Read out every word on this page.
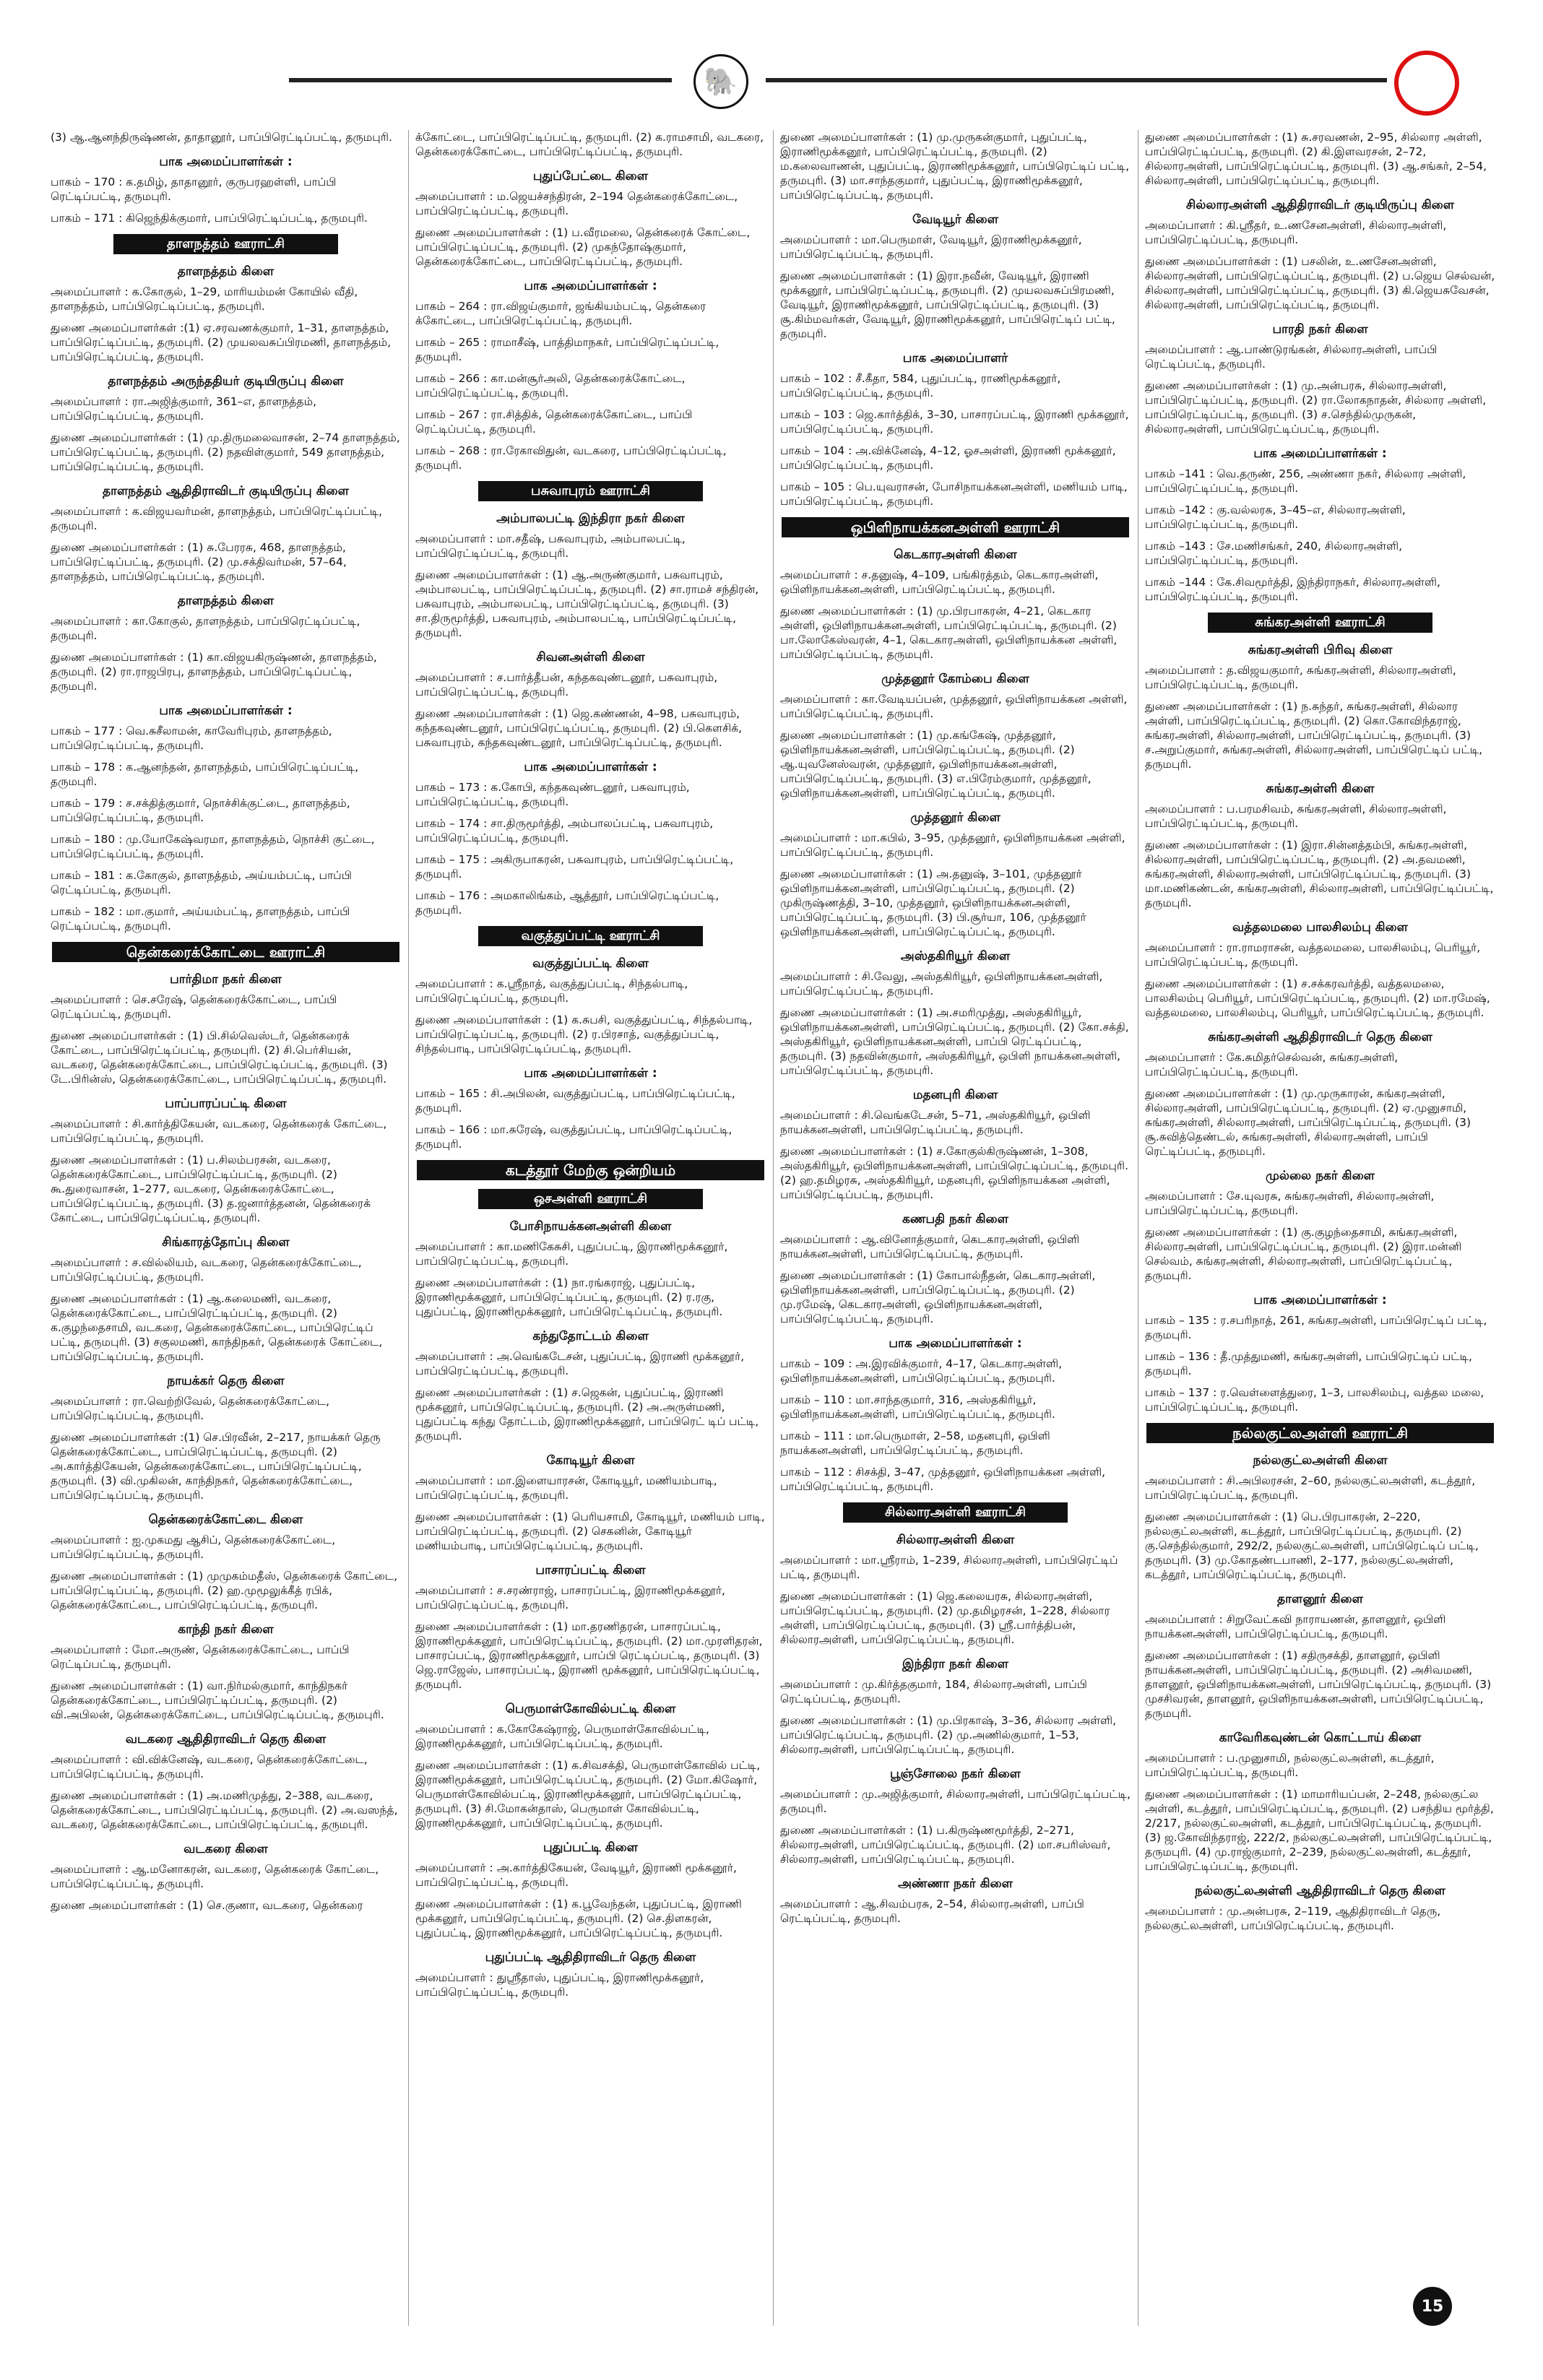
🐘

(3) ஆ.ஆனந்திருஷ்ணன், தாதானூர், பாப்பிரெட்டிப்பட்டி, தருமபுரி.

பாக அமைப்பாளர்கள் :

பாகம் – 170 : க.தமிழ், தாதானூர், குருபரஹள்ளி, பாப்பி ரெட்டிப்பட்டி, தருமபுரி.

பாகம் – 171 : கிஜெந்திக்குமார், பாப்பிரெட்டிப்பட்டி, தருமபுரி.

தாளநத்தம் ஊராட்சி
தாளநத்தம் கிளை

அமைப்பாளர் : க.கோகுல், 1–29, மாரியம்மன் கோயில் வீதி, தாளநத்தம், பாப்பிரெட்டிப்பட்டி, தருமபுரி.

துணை அமைப்பாளர்கள் :(1) ஏ.சரவணக்குமார், 1–31, தாளநத்தம், பாப்பிரெட்டிப்பட்டி, தருமபுரி. (2) முயலவசுப்பிரமணி, தாளநத்தம், பாப்பிரெட்டிப்பட்டி, தருமபுரி.

தாளநத்தம் அருந்ததியர் குடியிருப்பு கிளை

அமைப்பாளர் : ரா.அஜித்குமார், 361–எ, தாளநத்தம், பாப்பிரெட்டிப்பட்டி, தருமபுரி.

துணை அமைப்பாளர்கள் : (1) மு.திருமலைவாசன், 2–74 தாளநத்தம், பாப்பிரெட்டிப்பட்டி, தருமபுரி. (2) நதவிள்குமார், 549 தாளநத்தம், பாப்பிரெட்டிப்பட்டி, தருமபுரி.

தாளநத்தம் ஆதிதிராவிடர் குடியிருப்பு கிளை

அமைப்பாளர் : க.விஜயவர்மன், தாளநத்தம், பாப்பிரெட்டிப்பட்டி, தருமபுரி.

துணை அமைப்பாளர்கள் : (1) சு.பேரரசு, 468, தாளநத்தம், பாப்பிரெட்டிப்பட்டி, தருமபுரி. (2) மு.சக்திவர்மன், 57–64, தாளநத்தம், பாப்பிரெட்டிப்பட்டி, தருமபுரி.

தாளநத்தம் கிளை

அமைப்பாளர் : கா.கோகுல், தாளநத்தம், பாப்பிரெட்டிப்பட்டி, தருமபுரி.

துணை அமைப்பாளர்கள் : (1) கா.விஜயகிருஷ்ணன், தாளநத்தம், தருமபுரி. (2) ரா.ராஜபிரபு, தாளநத்தம், பாப்பிரெட்டிப்பட்டி, தருமபுரி.

பாக அமைப்பாளர்கள் :

பாகம் – 177 : வெ.சுசீலாமன், காவேரிபுரம், தாளநத்தம், பாப்பிரெட்டிப்பட்டி, தருமபுரி.

பாகம் – 178 : க.ஆனந்தன், தாளநத்தம், பாப்பிரெட்டிப்பட்டி, தருமபுரி.

பாகம் – 179 : ச.சக்தித்குமார், நொச்சிக்குட்டை, தாளநத்தம், பாப்பிரெட்டிப்பட்டி, தருமபுரி.

பாகம் – 180 : மு.யோகேஷ்வரமா, தாளநத்தம், நொச்சி குட்டை, பாப்பிரெட்டிப்பட்டி, தருமபுரி.

பாகம் – 181 : க.கோகுல், தாளநத்தம், அய்யம்பட்டி, பாப்பி ரெட்டிப்பட்டி, தருமபுரி.

பாகம் – 182 : மா.குமார், அய்யம்பட்டி, தாளநத்தம், பாப்பி ரெட்டிப்பட்டி, தருமபுரி.

தென்கரைக்கோட்டை ஊராட்சி
பார்திமா நகர் கிளை

அமைப்பாளர் : செ.சரேஷ், தென்கரைக்கோட்டை, பாப்பி ரெட்டிப்பட்டி, தருமபுரி.

துணை அமைப்பாளர்கள் : (1) பி.சில்வெஸ்டர், தென்கரைக் கோட்டை, பாப்பிரெட்டிப்பட்டி, தருமபுரி. (2) சி.பெர்சியன், வடகரை, தென்கரைக்கோட்டை, பாப்பிரெட்டிப்பட்டி, தருமபுரி. (3) டே.பிரின்ஸ், தென்கரைக்கோட்டை, பாப்பிரெட்டிப்பட்டி, தருமபுரி.

பாப்பாரப்பட்டி கிளை

அமைப்பாளர் : சி.கார்த்திகேயன், வடகரை, தென்கரைக் கோட்டை, பாப்பிரெட்டிப்பட்டி, தருமபுரி.

துணை அமைப்பாளர்கள் : (1) ப.சிலம்பரசன், வடகரை, தென்கரைக்கோட்டை, பாப்பிரெட்டிப்பட்டி, தருமபுரி. (2) கூ.துரைவாசன், 1–277, வடகரை, தென்கரைக்கோட்டை, பாப்பிரெட்டிப்பட்டி, தருமபுரி. (3) த.ஜனார்த்தனன், தென்கரைக் கோட்டை, பாப்பிரெட்டிப்பட்டி, தருமபுரி.

சிங்காரத்தோப்பு கிளை

அமைப்பாளர் : ச.வில்லியம், வடகரை, தென்கரைக்கோட்டை, பாப்பிரெட்டிப்பட்டி, தருமபுரி.

துணை அமைப்பாளர்கள் : (1) ஆ.கலைமணி, வடகரை, தென்கரைக்கோட்டை, பாப்பிரெட்டிப்பட்டி, தருமபுரி. (2) க.குழந்தைசாமி, வடகரை, தென்கரைக்கோட்டை, பாப்பிரெட்டிப் பட்டி, தருமபுரி. (3) சகுலமணி, காந்திநகர், தென்கரைக் கோட்டை, பாப்பிரெட்டிப்பட்டி, தருமபுரி.

நாயக்கர் தெரு கிளை

அமைப்பாளர் : ரா.வெற்றிவேல், தென்கரைக்கோட்டை, பாப்பிரெட்டிப்பட்டி, தருமபுரி.

துணை அமைப்பாளர்கள் :(1) செ.பிரவீன், 2–217, நாயக்கர் தெரு தென்கரைக்கோட்டை, பாப்பிரெட்டிப்பட்டி, தருமபுரி. (2) அ.கார்த்திகேயன், தென்கரைக்கோட்டை, பாப்பிரெட்டிப்பட்டி, தருமபுரி. (3) வி.முகிலன், காந்திநகர், தென்கரைக்கோட்டை, பாப்பிரெட்டிப்பட்டி, தருமபுரி.

தென்கரைக்கோட்டை கிளை

அமைப்பாளர் : ஐ.முகமது ஆசிப், தென்கரைக்கோட்டை, பாப்பிரெட்டிப்பட்டி, தருமபுரி.

துணை அமைப்பாளர்கள் : (1) முமுகம்மதீஸ், தென்கரைக் கோட்டை, பாப்பிரெட்டிப்பட்டி, தருமபுரி. (2) ஹ.முமூலுக்கீத் ரபிக், தென்கரைக்கோட்டை, பாப்பிரெட்டிப்பட்டி, தருமபுரி.

காந்தி நகர் கிளை

அமைப்பாளர் : மோ.அருண், தென்கரைக்கோட்டை, பாப்பி ரெட்டிப்பட்டி, தருமபுரி.

துணை அமைப்பாளர்கள் : (1) வா.நிர்மல்குமார், காந்திநகர் தென்கரைக்கோட்டை, பாப்பிரெட்டிப்பட்டி, தருமபுரி. (2) வி.அபிலன், தென்கரைக்கோட்டை, பாப்பிரெட்டிப்பட்டி, தருமபுரி.

வடகரை ஆதிதிராவிடர் தெரு கிளை

அமைப்பாளர் : வி.விக்னேஷ், வடகரை, தென்கரைக்கோட்டை, பாப்பிரெட்டிப்பட்டி, தருமபுரி.

துணை அமைப்பாளர்கள் : (1) அ.மணிமுத்து, 2–388, வடகரை, தென்கரைக்கோட்டை, பாப்பிரெட்டிப்பட்டி, தருமபுரி. (2) அ.வஸந்த், வடகரை, தென்கரைக்கோட்டை, பாப்பிரெட்டிப்பட்டி, தருமபுரி.

வடகரை கிளை

அமைப்பாளர் : ஆ.மனோகரன், வடகரை, தென்கரைக் கோட்டை, பாப்பிரெட்டிப்பட்டி, தருமபுரி.

துணை அமைப்பாளர்கள் : (1) செ.குணா, வடகரை, தென்கரை

க்கோட்டை, பாப்பிரெட்டிப்பட்டி, தருமபுரி. (2) க.ராமசாமி, வடகரை, தென்கரைக்கோட்டை, பாப்பிரெட்டிப்பட்டி, தருமபுரி.

புதுப்பேட்டை கிளை

அமைப்பாளர் : ம.ஜெயச்சந்திரன், 2–194 தென்கரைக்கோட்டை, பாப்பிரெட்டிப்பட்டி, தருமபுரி.

துணை அமைப்பாளர்கள் : (1) ப.வீரமலை, தென்கரைக் கோட்டை, பாப்பிரெட்டிப்பட்டி, தருமபுரி. (2) முகந்தோஷ்குமார், தென்கரைக்கோட்டை, பாப்பிரெட்டிப்பட்டி, தருமபுரி.

பாக அமைப்பாளர்கள் :

பாகம் – 264 : ரா.விஜய்குமார், ஜங்கியம்பட்டி, தென்கரை க்கோட்டை, பாப்பிரெட்டிப்பட்டி, தருமபுரி.

பாகம் – 265 : ராமாசீஷ், பாத்திமாநகர், பாப்பிரெட்டிப்பட்டி, தருமபுரி.

பாகம் – 266 : கா.மன்சூர்அலி, தென்கரைக்கோட்டை, பாப்பிரெட்டிப்பட்டி, தருமபுரி.

பாகம் – 267 : ரா.சித்திக், தென்கரைக்கோட்டை, பாப்பி ரெட்டிப்பட்டி, தருமபுரி.

பாகம் – 268 : ரா.ரேகாவிதுன், வடகரை, பாப்பிரெட்டிப்பட்டி, தருமபுரி.

பசுவாபுரம் ஊராட்சி
அம்பாலபட்டி இந்திரா நகர் கிளை

அமைப்பாளர் : மா.சதீஷ், பசுவாபுரம், அம்பாலபட்டி, பாப்பிரெட்டிப்பட்டி, தருமபுரி.

துணை அமைப்பாளர்கள் : (1) ஆ.அருண்குமார், பசுவாபுரம், அம்பாலபட்டி, பாப்பிரெட்டிப்பட்டி, தருமபுரி. (2) சா.ராமச் சந்திரன், பசுவாபுரம், அம்பாலபட்டி, பாப்பிரெட்டிப்பட்டி, தருமபுரி. (3) சா.திருமூர்த்தி, பசுவாபுரம், அம்பாலபட்டி, பாப்பிரெட்டிப்பட்டி, தருமபுரி.

சிவனஅள்ளி கிளை

அமைப்பாளர் : ச.பார்த்தீபன், கந்தகவுண்டனூர், பசுவாபுரம், பாப்பிரெட்டிப்பட்டி, தருமபுரி.

துணை அமைப்பாளர்கள் : (1) ஜெ.கண்ணன், 4–98, பசுவாபுரம், கந்தகவுண்டனூர், பாப்பிரெட்டிப்பட்டி, தருமபுரி. (2) பி.கௌசிக், பசுவாபுரம், கந்தகவுண்டனூர், பாப்பிரெட்டிப்பட்டி, தருமபுரி.

பாக அமைப்பாளர்கள் :

பாகம் – 173 : க.கோபி, கந்தகவுண்டனூர், பசுவாபுரம், பாப்பிரெட்டிப்பட்டி, தருமபுரி.

பாகம் – 174 : சா.திருமூர்த்தி, அம்பாலப்பட்டி, பசுவாபுரம், பாப்பிரெட்டிப்பட்டி, தருமபுரி.

பாகம் – 175 : அகிருபாகரன், பசுவாபுரம், பாப்பிரெட்டிப்பட்டி, தருமபுரி.

பாகம் – 176 : அமகாலிங்கம், ஆத்தூர், பாப்பிரெட்டிப்பட்டி, தருமபுரி.

வகுத்துப்பட்டி ஊராட்சி
வகுத்துப்பட்டி கிளை

அமைப்பாளர் : க.ஸ்ரீநாத், வகுத்துப்பட்டி, சிந்தல்பாடி, பாப்பிரெட்டிப்பட்டி, தருமபுரி.

துணை அமைப்பாளர்கள் : (1) க.சுபசி, வகுத்துப்பட்டி, சிந்தல்பாடி, பாப்பிரெட்டிப்பட்டி, தருமபுரி. (2) ர.பிரசாத், வகுத்துப்பட்டி, சிந்தல்பாடி, பாப்பிரெட்டிப்பட்டி, தருமபுரி.

பாக அமைப்பாளர்கள் :

பாகம் – 165 : சி.அபிலன், வகுத்துப்பட்டி, பாப்பிரெட்டிப்பட்டி, தருமபுரி.

பாகம் – 166 : மா.சுரேஷ், வகுத்துப்பட்டி, பாப்பிரெட்டிப்பட்டி, தருமபுரி.

கடத்தூர் மேற்கு ஒன்றியம்
ஒசஅள்ளி ஊராட்சி
போசிநாயக்கனஅள்ளி கிளை

அமைப்பாளர் : கா.மணிகேசுசி, புதுப்பட்டி, இராணிமூக்கனூர், பாப்பிரெட்டிப்பட்டி, தருமபுரி.

துணை அமைப்பாளர்கள் : (1) நா.ரங்கராஜ், புதுப்பட்டி, இராணிமூக்கனூர், பாப்பிரெட்டிப்பட்டி, தருமபுரி. (2) ர.ரகு, புதுப்பட்டி, இராணிமூக்கனூர், பாப்பிரெட்டிப்பட்டி, தருமபுரி.

கந்துதோட்டம் கிளை

அமைப்பாளர் : அ.வெங்கடேசன், புதுப்பட்டி, இராணி மூக்கனூர், பாப்பிரெட்டிப்பட்டி, தருமபுரி.

துணை அமைப்பாளர்கள் : (1) ச.ஜெகன், புதுப்பட்டி, இராணி மூக்கனூர், பாப்பிரெட்டிப்பட்டி, தருமபுரி. (2) அ.அருள்மணி, புதுப்பட்டி கந்து தோட்டம், இராணிமூக்கனூர், பாப்பிரெட் டிப் பட்டி, தருமபுரி.

கோடியூர் கிளை

அமைப்பாளர் : மா.இளையாரசன், கோடியூர், மணியம்பாடி, பாப்பிரெட்டிப்பட்டி, தருமபுரி.

துணை அமைப்பாளர்கள் : (1) பெரியசாமி, கோடியூர், மணியம் பாடி, பாப்பிரெட்டிப்பட்டி, தருமபுரி. (2) செகனின், கோடியூர் மணியம்பாடி, பாப்பிரெட்டிப்பட்டி, தருமபுரி.

பாசாரப்பட்டி கிளை

அமைப்பாளர் : ச.சரண்ராஜ், பாசாரப்பட்டி, இராணிமூக்கனூர், பாப்பிரெட்டிப்பட்டி, தருமபுரி.

துணை அமைப்பாளர்கள் : (1) மா.தரணிதரன், பாசாரப்பட்டி, இராணிமூக்கனூர், பாப்பிரெட்டிப்பட்டி, தருமபுரி. (2) மா.முரளிதரன், பாசாரப்பட்டி, இராணிமூக்கனூர், பாப்பி ரெட்டிப்பட்டி, தருமபுரி. (3) ஜெ.ராஜேஸ், பாசாரப்பட்டி, இராணி மூக்கனூர், பாப்பிரெட்டிப்பட்டி, தருமபுரி.

பெருமாள்கோவில்பட்டி கிளை

அமைப்பாளர் : க.கோகேஷ்ராஜ், பெருமாள்கோவில்பட்டி, இராணிமூக்கனூர், பாப்பிரெட்டிப்பட்டி, தருமபுரி.

துணை அமைப்பாளர்கள் : (1) க.சிவசக்தி, பெருமாள்கோவில் பட்டி, இராணிமூக்கனூர், பாப்பிரெட்டிப்பட்டி, தருமபுரி. (2) மோ.கிஷோர், பெருமாள்கோவில்பட்டி, இராணிமூக்கனூர், பாப்பிரெட்டிப்பட்டி, தருமபுரி. (3) சி.மோகன்தாஸ், பெருமாள் கோவில்பட்டி, இராணிமூக்கனூர், பாப்பிரெட்டிப்பட்டி, தருமபுரி.

புதுப்பட்டி கிளை

அமைப்பாளர் : அ.கார்த்திகேயன், வேடியூர், இராணி மூக்கனூர், பாப்பிரெட்டிப்பட்டி, தருமபுரி.

துணை அமைப்பாளர்கள் : (1) க.பூவேந்தன், புதுப்பட்டி, இராணி மூக்கனூர், பாப்பிரெட்டிப்பட்டி, தருமபுரி. (2) செ.திளகரன், புதுப்பட்டி, இராணிமூக்கனூர், பாப்பிரெட்டிப்பட்டி, தருமபுரி.

புதுப்பட்டி ஆதிதிராவிடர் தெரு கிளை

அமைப்பாளர் : துஸ்ரீதாஸ், புதுப்பட்டி, இராணிமூக்கனூர், பாப்பிரெட்டிப்பட்டி, தருமபுரி.

துணை அமைப்பாளர்கள் : (1) மு.முருகன்குமார், புதுப்பட்டி, இராணிமூக்கனூர், பாப்பிரெட்டிப்பட்டி, தருமபுரி. (2) ம.கலைவாணன், புதுப்பட்டி, இராணிமூக்கனூர், பாப்பிரெட்டிப் பட்டி, தருமபுரி. (3) மா.சாந்தகுமார், புதுப்பட்டி, இராணிமூக்கனூர், பாப்பிரெட்டிப்பட்டி, தருமபுரி.

வேடியூர் கிளை

அமைப்பாளர் : மா.பெருமாள், வேடியூர், இராணிமூக்கனூர், பாப்பிரெட்டிப்பட்டி, தருமபுரி.

துணை அமைப்பாளர்கள் : (1) இரா.நவீன், வேடியூர், இராணி மூக்கனூர், பாப்பிரெட்டிப்பட்டி, தருமபுரி. (2) முயலவசுப்பிரமணி, வேடியூர், இராணிமூக்கனூர், பாப்பிரெட்டிப்பட்டி, தருமபுரி. (3) சூ.கிம்மவர்கள், வேடியூர், இராணிமூக்கனூர், பாப்பிரெட்டிப் பட்டி, தருமபுரி.

பாக அமைப்பாளர்

பாகம் – 102 : சீ.கீதா, 584, புதுப்பட்டி, ராணிமூக்கனூர், பாப்பிரெட்டிப்பட்டி, தருமபுரி.

பாகம் – 103 : ஜெ.கார்த்திக், 3–30, பாசாரப்பட்டி, இராணி மூக்கனூர், பாப்பிரெட்டிப்பட்டி, தருமபுரி.

பாகம் – 104 : அ.விக்னேஷ், 4–12, ஓசஅள்ளி, இராணி மூக்கனூர், பாப்பிரெட்டிப்பட்டி, தருமபுரி.

பாகம் – 105 : பெ.யுவராசன், போசிநாயக்கனஅள்ளி, மணியம் பாடி, பாப்பிரெட்டிப்பட்டி, தருமபுரி.

ஒபிளிநாயக்கனஅள்ளி ஊராட்சி
கெடகாரஅள்ளி கிளை

அமைப்பாளர் : ச.தனுஷ், 4–109, பங்கிரத்தம், கெடகாரஅள்ளி, ஒபிளிநாயக்கனஅள்ளி, பாப்பிரெட்டிப்பட்டி, தருமபுரி.

துணை அமைப்பாளர்கள் : (1) மு.பிரபாகரன், 4–21, கெடகார அள்ளி, ஒபிளிநாயக்கனஅள்ளி, பாப்பிரெட்டிப்பட்டி, தருமபுரி. (2) பா.லோகேஸ்வரன், 4–1, கெடகாரஅள்ளி, ஒபிளிநாயக்கன அள்ளி, பாப்பிரெட்டிப்பட்டி, தருமபுரி.

முத்தனூர் கோம்பை கிளை

அமைப்பாளர் : கா.வேடியப்பன், முத்தனூர், ஒபிளிநாயக்கன அள்ளி, பாப்பிரெட்டிப்பட்டி, தருமபுரி.

துணை அமைப்பாளர்கள் : (1) மு.கங்கேஷ், முத்தனூர், ஒபிளிநாயக்கனஅள்ளி, பாப்பிரெட்டிப்பட்டி, தருமபுரி. (2) ஆ.யுவனேஸ்வரன், முத்தனூர், ஒபிளிநாயக்கனஅள்ளி, பாப்பிரெட்டிப்பட்டி, தருமபுரி. (3) எ.பிரேம்குமார், முத்தனூர், ஒபிளிநாயக்கனஅள்ளி, பாப்பிரெட்டிப்பட்டி, தருமபுரி.

முத்தனூர் கிளை

அமைப்பாளர் : மா.கபில், 3–95, முத்தனூர், ஒபிளிநாயக்கன அள்ளி, பாப்பிரெட்டிப்பட்டி, தருமபுரி.

துணை அமைப்பாளர்கள் : (1) அ.தனுஷ், 3–101, முத்தனூர் ஒபிளிநாயக்கனஅள்ளி, பாப்பிரெட்டிப்பட்டி, தருமபுரி. (2) முகிருஷ்ணத்தி, 3–10, முத்தனூர், ஒபிளிநாயக்கனஅள்ளி, பாப்பிரெட்டிப்பட்டி, தருமபுரி. (3) பி.சூர்யா, 106, முத்தனூர் ஒபிளிநாயக்கனஅள்ளி, பாப்பிரெட்டிப்பட்டி, தருமபுரி.

அஸ்தகிரியூர் கிளை

அமைப்பாளர் : சி.வேலு, அஸ்தகிரியூர், ஒபிளிநாயக்கனஅள்ளி, பாப்பிரெட்டிப்பட்டி, தருமபுரி.

துணை அமைப்பாளர்கள் : (1) அ.சமரிமுத்து, அஸ்தகிரியூர், ஒபிளிநாயக்கனஅள்ளி, பாப்பிரெட்டிப்பட்டி, தருமபுரி. (2) கோ.சக்தி, அஸ்தகிரியூர், ஒபிளிநாயக்கனஅள்ளி, பாப்பி ரெட்டிப்பட்டி, தருமபுரி. (3) நதவின்குமார், அஸ்தகிரியூர், ஒபிளி நாயக்கனஅள்ளி, பாப்பிரெட்டிப்பட்டி, தருமபுரி.

மதனபுரி கிளை

அமைப்பாளர் : சி.வெங்கடேசன், 5–71, அஸ்தகிரியூர், ஒபிளி நாயக்கனஅள்ளி, பாப்பிரெட்டிப்பட்டி, தருமபுரி.

துணை அமைப்பாளர்கள் : (1) ச.கோகுல்கிருஷ்ணன், 1–308, அஸ்தகிரியூர், ஒபிளிநாயக்கனஅள்ளி, பாப்பிரெட்டிப்பட்டி, தருமபுரி. (2) ஹ.தமிழரசு, அஸ்தகிரியூர், மதனபுரி, ஒபிளிநாயக்கன அள்ளி, பாப்பிரெட்டிப்பட்டி, தருமபுரி.

கணபதி நகர் கிளை

அமைப்பாளர் : ஆ.வினோத்குமார், கெடகாரஅள்ளி, ஒபிளி நாயக்கனஅள்ளி, பாப்பிரெட்டிப்பட்டி, தருமபுரி.

துணை அமைப்பாளர்கள் : (1) கோபால்நீதன், கெடகாரஅள்ளி, ஒபிளிநாயக்கனஅள்ளி, பாப்பிரெட்டிப்பட்டி, தருமபுரி. (2) மு.ரமேஷ், கெடகாரஅள்ளி, ஒபிளிநாயக்கனஅள்ளி, பாப்பிரெட்டிப்பட்டி, தருமபுரி.

பாக அமைப்பாளர்கள் :

பாகம் – 109 : அ.இரவிக்குமார், 4–17, கெடகாரஅள்ளி, ஒபிளிநாயக்கனஅள்ளி, பாப்பிரெட்டிப்பட்டி, தருமபுரி.

பாகம் – 110 : மா.சாந்தகுமார், 316, அஸ்தகிரியூர், ஒபிளிநாயக்கனஅள்ளி, பாப்பிரெட்டிப்பட்டி, தருமபுரி.

பாகம் – 111 : மா.பெருமாள், 2–58, மதனபுரி, ஒபிளி நாயக்கனஅள்ளி, பாப்பிரெட்டிப்பட்டி, தருமபுரி.

பாகம் – 112 : சிசக்தி, 3–47, முத்தனூர், ஒபிளிநாயக்கன அள்ளி, பாப்பிரெட்டிப்பட்டி, தருமபுரி.

சில்லாரஅள்ளி ஊராட்சி
சில்லாரஅள்ளி கிளை

அமைப்பாளர் : மா.ஸ்ரீராம், 1–239, சில்லாரஅள்ளி, பாப்பிரெட்டிப் பட்டி, தருமபுரி.

துணை அமைப்பாளர்கள் : (1) ஜெ.கலையரசு, சில்லாரஅள்ளி, பாப்பிரெட்டிப்பட்டி, தருமபுரி. (2) மு.தமிழரசன், 1–228, சில்லார அள்ளி, பாப்பிரெட்டிப்பட்டி, தருமபுரி. (3) ஸ்ரீ.பார்த்திபன், சில்லாரஅள்ளி, பாப்பிரெட்டிப்பட்டி, தருமபுரி.

இந்திரா நகர் கிளை

அமைப்பாளர் : மு.கிர்த்தகுமார், 184, சில்லாரஅள்ளி, பாப்பி ரெட்டிப்பட்டி, தருமபுரி.

துணை அமைப்பாளர்கள் : (1) மு.பிரகாஷ், 3–36, சில்லார அள்ளி, பாப்பிரெட்டிப்பட்டி, தருமபுரி. (2) மு.அணில்குமார், 1–53, சில்லாரஅள்ளி, பாப்பிரெட்டிப்பட்டி, தருமபுரி.

பூஞ்சோலை நகர் கிளை

அமைப்பாளர் : மு.அஜித்குமார், சில்லாரஅள்ளி, பாப்பிரெட்டிப்பட்டி, தருமபுரி.

துணை அமைப்பாளர்கள் : (1) ப.கிருஷ்ணமூர்த்தி, 2–271, சில்லாரஅள்ளி, பாப்பிரெட்டிப்பட்டி, தருமபுரி. (2) மா.சபரிஸ்வர், சில்லாரஅள்ளி, பாப்பிரெட்டிப்பட்டி, தருமபுரி.

அண்ணா நகர் கிளை

அமைப்பாளர் : ஆ.சிவம்பரசு, 2–54, சில்லாரஅள்ளி, பாப்பி ரெட்டிப்பட்டி, தருமபுரி.

துணை அமைப்பாளர்கள் : (1) சு.சரவணன், 2–95, சில்லார அள்ளி, பாப்பிரெட்டிப்பட்டி, தருமபுரி. (2) கி.இளவரசன், 2–72, சில்லாரஅள்ளி, பாப்பிரெட்டிப்பட்டி, தருமபுரி. (3) ஆ.சங்கர், 2–54, சில்லாரஅள்ளி, பாப்பிரெட்டிப்பட்டி, தருமபுரி.

சில்லாரஅள்ளி ஆதிதிராவிடர் குடியிருப்பு கிளை

அமைப்பாளர் : கி.ஸ்ரீதர், உ.ணசேனஅள்ளி, சில்லாரஅள்ளி, பாப்பிரெட்டிப்பட்டி, தருமபுரி.

துணை அமைப்பாளர்கள் : (1) பசலின், உ.ணசேனஅள்ளி, சில்லாரஅள்ளி, பாப்பிரெட்டிப்பட்டி, தருமபுரி. (2) ப.ஜெய செல்வன், சில்லாரஅள்ளி, பாப்பிரெட்டிப்பட்டி, தருமபுரி. (3) கி.ஜெயசுவேசன், சில்லாரஅள்ளி, பாப்பிரெட்டிப்பட்டி, தருமபுரி.

பாரதி நகர் கிளை

அமைப்பாளர் : ஆ.பாண்டுரங்கன், சில்லாரஅள்ளி, பாப்பி ரெட்டிப்பட்டி, தருமபுரி.

துணை அமைப்பாளர்கள் : (1) மு.அன்பரசு, சில்லாரஅள்ளி, பாப்பிரெட்டிப்பட்டி, தருமபுரி. (2) ரா.லோகநாதன், சில்லார அள்ளி, பாப்பிரெட்டிப்பட்டி, தருமபுரி. (3) ச.செந்தில்முருகன், சில்லாரஅள்ளி, பாப்பிரெட்டிப்பட்டி, தருமபுரி.

பாக அமைப்பாளர்கள் :

பாகம் –141 : வெ.தருண், 256, அண்ணா நகர், சில்லார அள்ளி, பாப்பிரெட்டிப்பட்டி, தருமபுரி.

பாகம் –142 : கு.வல்லரசு, 3–45–எ, சில்லாரஅள்ளி, பாப்பிரெட்டிப்பட்டி, தருமபுரி.

பாகம் –143 : சே.மணிசங்கர், 240, சில்லாரஅள்ளி, பாப்பிரெட்டிப்பட்டி, தருமபுரி.

பாகம் –144 : கே.சிவமூர்த்தி, இந்திராநகர், சில்லாரஅள்ளி, பாப்பிரெட்டிப்பட்டி, தருமபுரி.

சுங்கரஅள்ளி ஊராட்சி
சுங்கரஅள்ளி பிரிவு கிளை

அமைப்பாளர் : த.விஜயகுமார், சுங்கரஅள்ளி, சில்லாரஅள்ளி, பாப்பிரெட்டிப்பட்டி, தருமபுரி.

துணை அமைப்பாளர்கள் : (1) ந.சுந்தர், சுங்கரஅள்ளி, சில்லார அள்ளி, பாப்பிரெட்டிப்பட்டி, தருமபுரி. (2) கொ.கோவிந்தராஜ், சுங்கரஅள்ளி, சில்லாரஅள்ளி, பாப்பிரெட்டிப்பட்டி, தருமபுரி. (3) ச.அறுப்குமார், சுங்கரஅள்ளி, சில்லாரஅள்ளி, பாப்பிரெட்டிப் பட்டி, தருமபுரி.

சுங்கரஅள்ளி கிளை

அமைப்பாளர் : ப.பரமசிவம், சுங்கரஅள்ளி, சில்லாரஅள்ளி, பாப்பிரெட்டிப்பட்டி, தருமபுரி.

துணை அமைப்பாளர்கள் : (1) இரா.சின்னத்தம்பி, சுங்கரஅள்ளி, சில்லாரஅள்ளி, பாப்பிரெட்டிப்பட்டி, தருமபுரி. (2) அ.தவமணி, சுங்கரஅள்ளி, சில்லாரஅள்ளி, பாப்பிரெட்டிப்பட்டி, தருமபுரி. (3) மா.மணிகண்டன், சுங்கரஅள்ளி, சில்லாரஅள்ளி, பாப்பிரெட்டிப்பட்டி, தருமபுரி.

வத்தலமலை பாலசிலம்பு கிளை

அமைப்பாளர் : ரா.ராமராசன், வத்தலமலை, பாலசிலம்பு, பெரியூர், பாப்பிரெட்டிப்பட்டி, தருமபுரி.

துணை அமைப்பாளர்கள் : (1) ச.சக்கரவர்த்தி, வத்தலமலை, பாலசிலம்பு பெரியூர், பாப்பிரெட்டிப்பட்டி, தருமபுரி. (2) மா.ரமேஷ், வத்தலமலை, பாலசிலம்பு, பெரியூர், பாப்பிரெட்டிப்பட்டி, தருமபுரி.

சுங்கரஅள்ளி ஆதிதிராவிடர் தெரு கிளை

அமைப்பாளர் : கே.சுமிதர்செல்வன், சுங்கரஅள்ளி, பாப்பிரெட்டிப்பட்டி, தருமபுரி.

துணை அமைப்பாளர்கள் : (1) மு.முருகாரன், சுங்கரஅள்ளி, சில்லாரஅள்ளி, பாப்பிரெட்டிப்பட்டி, தருமபுரி. (2) ஏ.முனுசாமி, சுங்கரஅள்ளி, சில்லாரஅள்ளி, பாப்பிரெட்டிப்பட்டி, தருமபுரி. (3) சூ.சுவித்தெண்டல், சுங்கரஅள்ளி, சில்லாரஅள்ளி, பாப்பி ரெட்டிப்பட்டி, தருமபுரி.

முல்லை நகர் கிளை

அமைப்பாளர் : சே.யுவரசு, சுங்கரஅள்ளி, சில்லாரஅள்ளி, பாப்பிரெட்டிப்பட்டி, தருமபுரி.

துணை அமைப்பாளர்கள் : (1) கு.குழந்தைசாமி, சுங்கரஅள்ளி, சில்லாரஅள்ளி, பாப்பிரெட்டிப்பட்டி, தருமபுரி. (2) இரா.மன்னி செல்வம், சுங்கரஅள்ளி, சில்லாரஅள்ளி, பாப்பிரெட்டிப்பட்டி, தருமபுரி.

பாக அமைப்பாளர்கள் :

பாகம் – 135 : ர.சபரிநாத், 261, சுங்கரஅள்ளி, பாப்பிரெட்டிப் பட்டி, தருமபுரி.

பாகம் – 136 : தீ.முத்துமணி, சுங்கரஅள்ளி, பாப்பிரெட்டிப் பட்டி, தருமபுரி.

பாகம் – 137 : ர.வெள்ளைத்துரை, 1–3, பாலசிலம்பு, வத்தல மலை, பாப்பிரெட்டிப்பட்டி, தருமபுரி.

நல்லகுட்லஅள்ளி ஊராட்சி
நல்லகுட்லஅள்ளி கிளை

அமைப்பாளர் : சி.அபிலரசன், 2–60, நல்லகுட்லஅள்ளி, கடத்தூர், பாப்பிரெட்டிப்பட்டி, தருமபுரி.

துணை அமைப்பாளர்கள் : (1) பெ.பிரபாகரன், 2–220, நல்லகுட்லஅள்ளி, கடத்தூர், பாப்பிரெட்டிப்பட்டி, தருமபுரி. (2) கு.செந்தில்குமார், 292/2, நல்லகுட்லஅள்ளி, பாப்பிரெட்டிப் பட்டி, தருமபுரி. (3) மு.கோதண்டபாணி, 2–177, நல்லகுட்லஅள்ளி, கடத்தூர், பாப்பிரெட்டிப்பட்டி, தருமபுரி.

தாளனூர் கிளை

அமைப்பாளர் : சிறுவேட்கவி நாராயணன், தாளனூர், ஒபிளி நாயக்கனஅள்ளி, பாப்பிரெட்டிப்பட்டி, தருமபுரி.

துணை அமைப்பாளர்கள் : (1) சதிருசக்தி, தாளனூர், ஒபிளி நாயக்கனஅள்ளி, பாப்பிரெட்டிப்பட்டி, தருமபுரி. (2) அசிவமணி, தாளனூர், ஒபிளிநாயக்கனஅள்ளி, பாப்பிரெட்டிப்பட்டி, தருமபுரி. (3) முசசிவரன், தாளனூர், ஒபிளிநாயக்கனஅள்ளி, பாப்பிரெட்டிப்பட்டி, தருமபுரி.

காவேரிகவுண்டன் கொட்டாய் கிளை

அமைப்பாளர் : ப.முனுசாமி, நல்லகுட்லஅள்ளி, கடத்தூர், பாப்பிரெட்டிப்பட்டி, தருமபுரி.

துணை அமைப்பாளர்கள் : (1) மாமாரியப்பன், 2–248, நல்லகுட்ல அள்ளி, கடத்தூர், பாப்பிரெட்டிப்பட்டி, தருமபுரி. (2) பசந்திய மூர்த்தி, 2/217, நல்லகுட்லஅள்ளி, கடத்தூர், பாப்பிரெட்டிப்பட்டி, தருமபுரி. (3) ஜ.கோவிந்தராஜ், 222/2, நல்லகுட்லஅள்ளி, பாப்பிரெட்டிப்பட்டி, தருமபுரி. (4) மு.ராஜ்குமார், 2–239, நல்லகுட்லஅள்ளி, கடத்தூர், பாப்பிரெட்டிப்பட்டி, தருமபுரி.

நல்லகுட்லஅள்ளி ஆதிதிராவிடர் தெரு கிளை

அமைப்பாளர் : மு.அன்பரசு, 2–119, ஆதிதிராவிடர் தெரு, நல்லகுட்லஅள்ளி, பாப்பிரெட்டிப்பட்டி, தருமபுரி.

15
